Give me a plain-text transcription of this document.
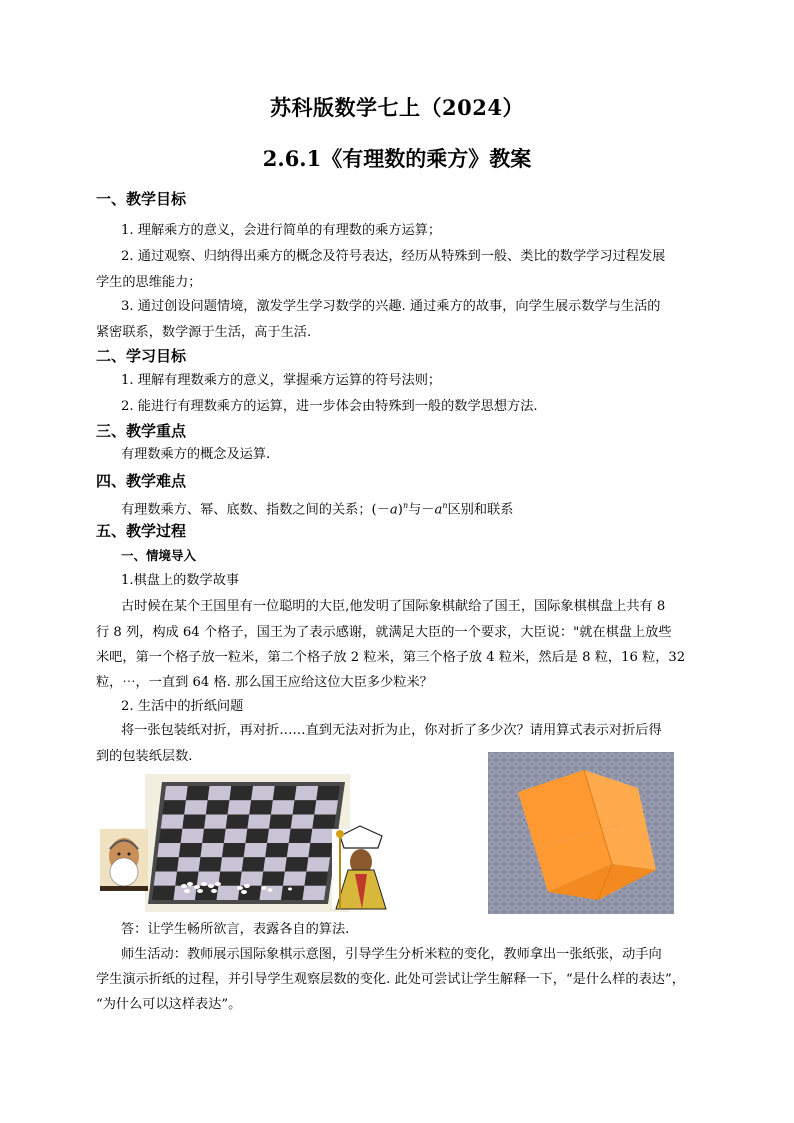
苏科版数学七上（2024）
2.6.1《有理数的乘方》教案
一、教学目标
1. 理解乘方的意义，会进行简单的有理数的乘方运算；
2. 通过观察、归纳得出乘方的概念及符号表达，经历从特殊到一般、类比的数学学习过程发展
学生的思维能力；
3. 通过创设问题情境，激发学生学习数学的兴趣. 通过乘方的故事，向学生展示数学与生活的
紧密联系，数学源于生活，高于生活.
二、学习目标
1. 理解有理数乘方的意义，掌握乘方运算的符号法则；
2. 能进行有理数乘方的运算，进一步体会由特殊到一般的数学思想方法.
三、教学重点
有理数乘方的概念及运算.
四、教学难点
有理数乘方、幂、底数、指数之间的关系；$(-a)^n$与$-a^n$区别和联系
五、教学过程
一、情境导入
1.棋盘上的数学故事
古时候在某个王国里有一位聪明的大臣,他发明了国际象棋献给了国王，国际象棋棋盘上共有 8
行 8 列，构成 64 个格子，国王为了表示感谢，就满足大臣的一个要求，大臣说："就在棋盘上放些
米吧，第一个格子放一粒米，第二个格子放 2 粒米，第三个格子放 4 粒米，然后是 8 粒，16 粒，32
粒，⋯，一直到 64 格. 那么国王应给这位大臣多少粒米？
2. 生活中的折纸问题
将一张包装纸对折，再对折……直到无法对折为止，你对折了多少次？请用算式表示对折后得
到的包装纸层数.
答：让学生畅所欲言，表露各自的算法.
师生活动：教师展示国际象棋示意图，引导学生分析米粒的变化，教师拿出一张纸张，动手向
学生演示折纸的过程，并引导学生观察层数的变化. 此处可尝试让学生解释一下，“是什么样的表达”，
“为什么可以这样表达”。
